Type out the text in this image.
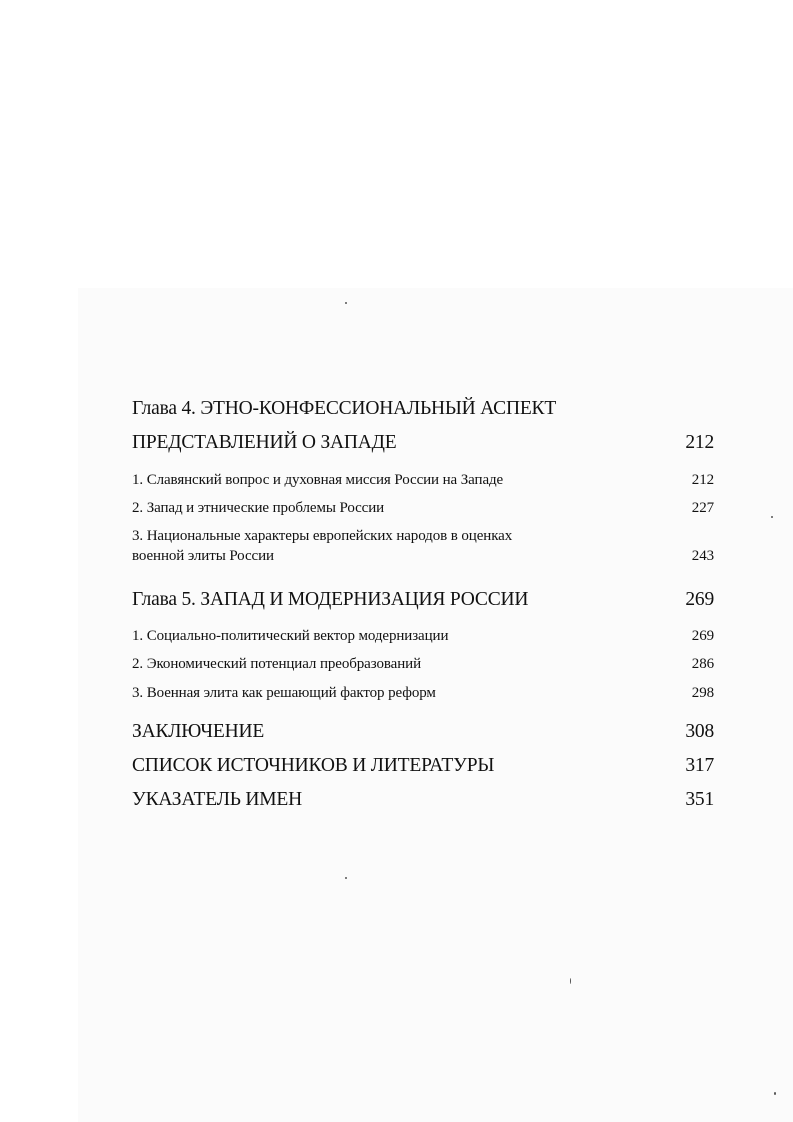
Глава 4. ЭТНО-КОНФЕССИОНАЛЬНЫЙ АСПЕКТ
ПРЕДСТАВЛЕНИЙ О ЗАПАДЕ	212
1. Славянский вопрос и духовная миссия России на Западе	212
2. Запад и этнические проблемы России	227
3. Национальные характеры европейских народов в оценках
военной элиты России	243
Глава 5. ЗАПАД И МОДЕРНИЗАЦИЯ РОССИИ	269
1. Социально-политический вектор модернизации	269
2. Экономический потенциал преобразований	286
3. Военная элита как решающий фактор реформ	298
ЗАКЛЮЧЕНИЕ	308
СПИСОК ИСТОЧНИКОВ И ЛИТЕРАТУРЫ	317
УКАЗАТЕЛЬ ИМЕН	351
